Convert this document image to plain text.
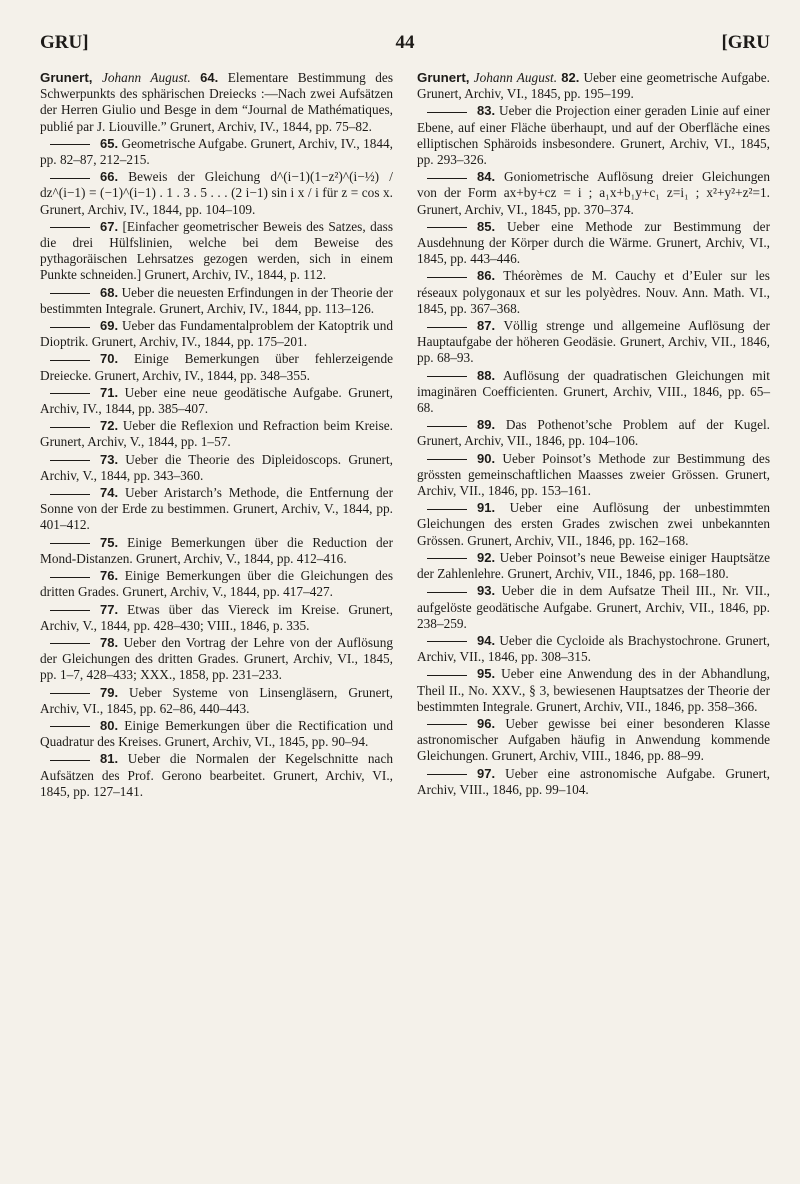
GRU]	44	[GRU

Grunert, Johann August. 64. Elementare Bestimmung des Schwerpunkts des sphärischen Dreiecks :—Nach zwei Aufsätzen der Herren Giulio und Besge in dem “Journal de Mathématiques, publié par J. Liouville.” Grunert, Archiv, IV., 1844, pp. 75–82.

65. Geometrische Aufgabe. Grunert, Archiv, IV., 1844, pp. 82–87, 212–215.

66. Beweis der Gleichung d^(i−1)(1−z²)^(i−½) / dz^(i−1) = (−1)^(i−1) . 1 . 3 . 5 . . . (2 i−1) sin i x / i für z = cos x. Grunert, Archiv, IV., 1844, pp. 104–109.

67. [Einfacher geometrischer Beweis des Satzes, dass die drei Hülfslinien, welche bei dem Beweise des pythagoräischen Lehrsatzes gezogen werden, sich in einem Punkte schneiden.] Grunert, Archiv, IV., 1844, p. 112.

68. Ueber die neuesten Erfindungen in der Theorie der bestimmten Integrale. Grunert, Archiv, IV., 1844, pp. 113–126.

69. Ueber das Fundamentalproblem der Katoptrik und Dioptrik. Grunert, Archiv, IV., 1844, pp. 175–201.

70. Einige Bemerkungen über fehlerzeigende Dreiecke. Grunert, Archiv, IV., 1844, pp. 348–355.

71. Ueber eine neue geodätische Aufgabe. Grunert, Archiv, IV., 1844, pp. 385–407.

72. Ueber die Reflexion und Refraction beim Kreise. Grunert, Archiv, V., 1844, pp. 1–57.

73. Ueber die Theorie des Dipleidoscops. Grunert, Archiv, V., 1844, pp. 343–360.

74. Ueber Aristarch’s Methode, die Entfernung der Sonne von der Erde zu bestimmen. Grunert, Archiv, V., 1844, pp. 401–412.

75. Einige Bemerkungen über die Reduction der Mond-Distanzen. Grunert, Archiv, V., 1844, pp. 412–416.

76. Einige Bemerkungen über die Gleichungen des dritten Grades. Grunert, Archiv, V., 1844, pp. 417–427.

77. Etwas über das Viereck im Kreise. Grunert, Archiv, V., 1844, pp. 428–430; VIII., 1846, p. 335.

78. Ueber den Vortrag der Lehre von der Auflösung der Gleichungen des dritten Grades. Grunert, Archiv, VI., 1845, pp. 1–7, 428–433; XXX., 1858, pp. 231–233.

79. Ueber Systeme von Linsengläsern, Grunert, Archiv, VI., 1845, pp. 62–86, 440–443.

80. Einige Bemerkungen über die Rectification und Quadratur des Kreises. Grunert, Archiv, VI., 1845, pp. 90–94.

81. Ueber die Normalen der Kegelschnitte nach Aufsätzen des Prof. Gerono bearbeitet. Grunert, Archiv, VI., 1845, pp. 127–141.

Grunert, Johann August. 82. Ueber eine geometrische Aufgabe. Grunert, Archiv, VI., 1845, pp. 195–199.

83. Ueber die Projection einer geraden Linie auf einer Ebene, auf einer Fläche überhaupt, und auf der Oberfläche eines elliptischen Sphäroids insbesondere. Grunert, Archiv, VI., 1845, pp. 293–326.

84. Goniometrische Auflösung dreier Gleichungen von der Form ax+by+cz = i ; a₁x+b₁y+c₁ z=i₁ ; x²+y²+z²=1. Grunert, Archiv, VI., 1845, pp. 370–374.

85. Ueber eine Methode zur Bestimmung der Ausdehnung der Körper durch die Wärme. Grunert, Archiv, VI., 1845, pp. 443–446.

86. Théorèmes de M. Cauchy et d’Euler sur les réseaux polygonaux et sur les polyèdres. Nouv. Ann. Math. VI., 1845, pp. 367–368.

87. Völlig strenge und allgemeine Auflösung der Hauptaufgabe der höheren Geodäsie. Grunert, Archiv, VII., 1846, pp. 68–93.

88. Auflösung der quadratischen Gleichungen mit imaginären Coefficienten. Grunert, Archiv, VIII., 1846, pp. 65–68.

89. Das Pothenot’sche Problem auf der Kugel. Grunert, Archiv, VII., 1846, pp. 104–106.

90. Ueber Poinsot’s Methode zur Bestimmung des grössten gemeinschaftlichen Maasses zweier Grössen. Grunert, Archiv, VII., 1846, pp. 153–161.

91. Ueber eine Auflösung der unbestimmten Gleichungen des ersten Grades zwischen zwei unbekannten Grössen. Grunert, Archiv, VII., 1846, pp. 162–168.

92. Ueber Poinsot’s neue Beweise einiger Hauptsätze der Zahlenlehre. Grunert, Archiv, VII., 1846, pp. 168–180.

93. Ueber die in dem Aufsatze Theil III., Nr. VII., aufgelöste geodätische Aufgabe. Grunert, Archiv, VII., 1846, pp. 238–259.

94. Ueber die Cycloide als Brachystochrone. Grunert, Archiv, VII., 1846, pp. 308–315.

95. Ueber eine Anwendung des in der Abhandlung, Theil II., No. XXV., § 3, bewiesenen Hauptsatzes der Theorie der bestimmten Integrale. Grunert, Archiv, VII., 1846, pp. 358–366.

96. Ueber gewisse bei einer besonderen Klasse astronomischer Aufgaben häufig in Anwendung kommende Gleichungen. Grunert, Archiv, VIII., 1846, pp. 88–99.

97. Ueber eine astronomische Aufgabe. Grunert, Archiv, VIII., 1846, pp. 99–104.
